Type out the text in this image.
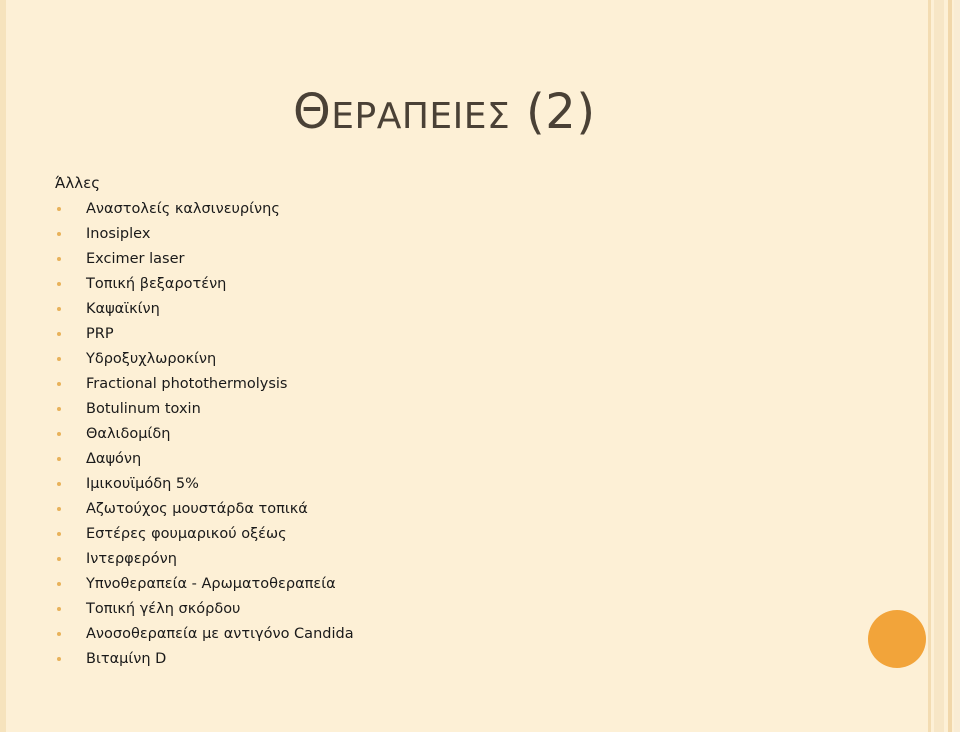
ΘΕΡΑΠΕΙΕΣ (2)
Άλλες
Αναστολείς καλσινευρίνης
Inosiplex
Excimer laser
Τοπική βεξαροτένη
Καψαϊκίνη
PRP
Υδροξυχλωροκίνη
Fractional photothermolysis
Botulinum toxin
Θαλιδομίδη
Δαψόνη
Ιμικουϊμόδη 5%
Αζωτούχος μουστάρδα τοπικά
Εστέρες φουμαρικού οξέως
Ιντερφερόνη
Υπνοθεραπεία - Αρωματοθεραπεία
Τοπική γέλη σκόρδου
Ανοσοθεραπεία με αντιγόνο Candida
Βιταμίνη D
